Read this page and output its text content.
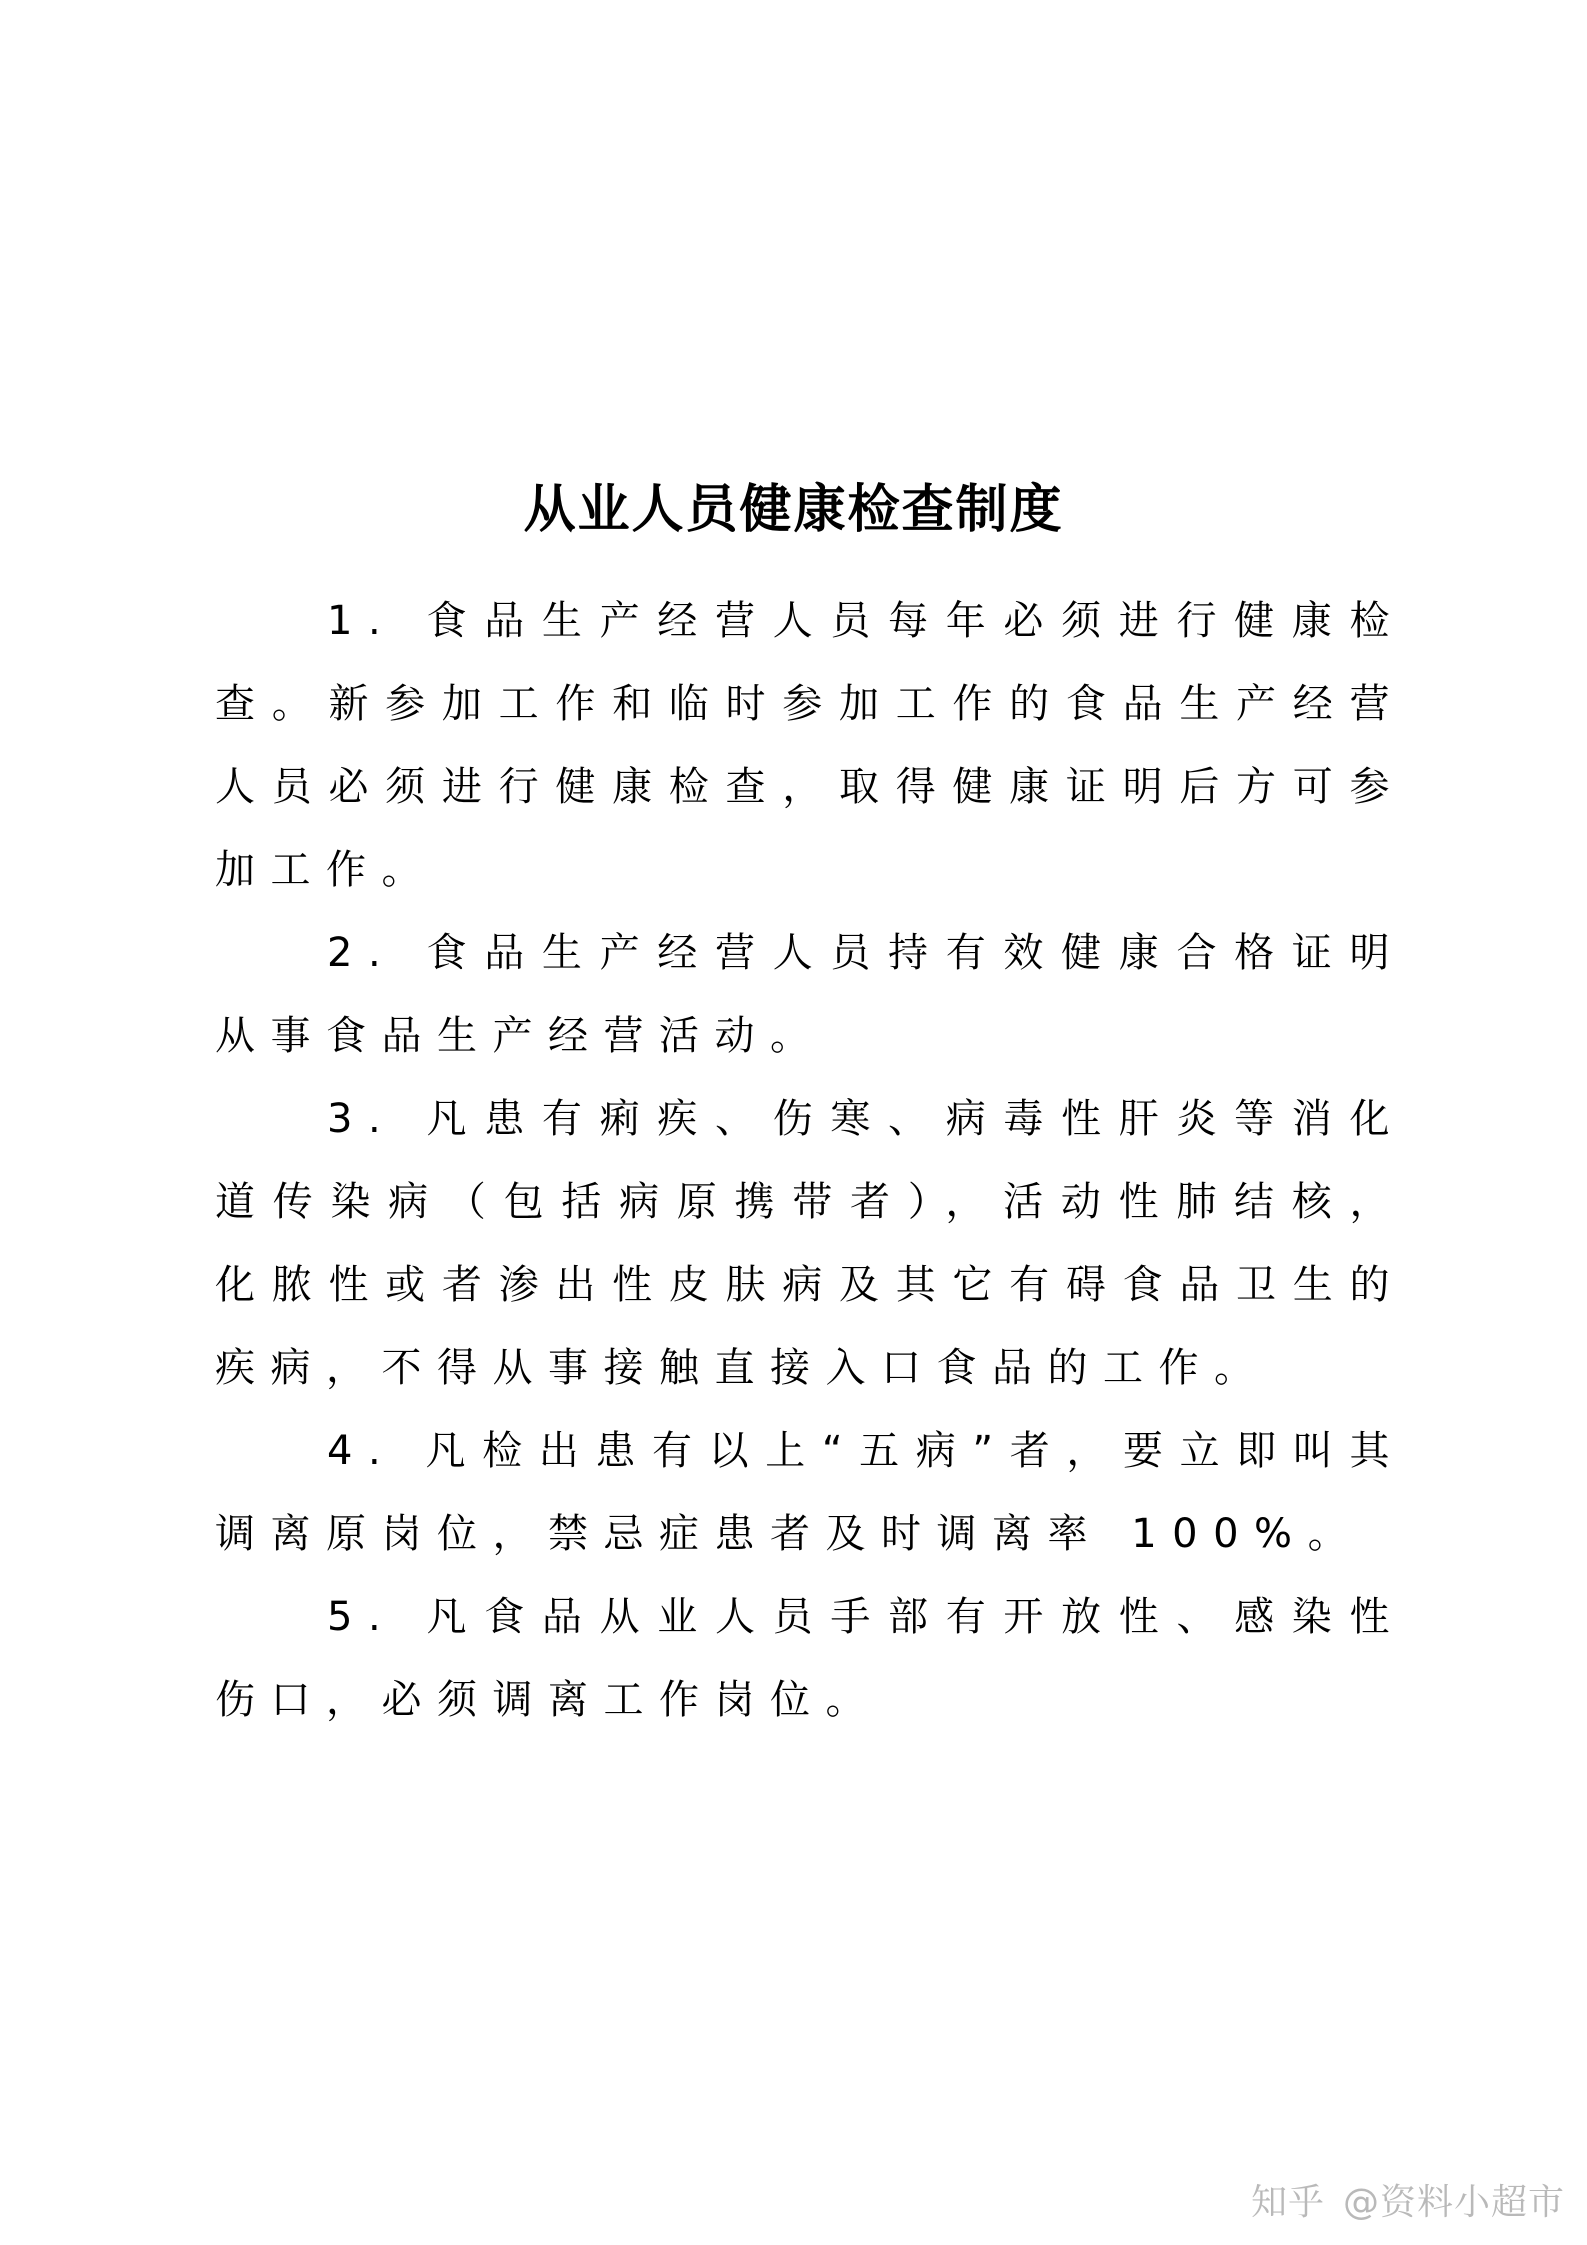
从业人员健康检查制度

1. 食品生产经营人员每年必须进行健康检查。新参加工作和临时参加工作的食品生产经营人员必须进行健康检查，取得健康证明后方可参加工作。

2. 食品生产经营人员持有效健康合格证明从事食品生产经营活动。

3. 凡患有痢疾、伤寒、病毒性肝炎等消化道传染病（包括病原携带者），活动性肺结核，化脓性或者渗出性皮肤病及其它有碍食品卫生的疾病，不得从事接触直接入口食品的工作。

4. 凡检出患有以上“五病”者，要立即叫其调离原岗位，禁忌症患者及时调离率 100%。

5. 凡食品从业人员手部有开放性、感染性伤口，必须调离工作岗位。

知乎 @资料小超市
